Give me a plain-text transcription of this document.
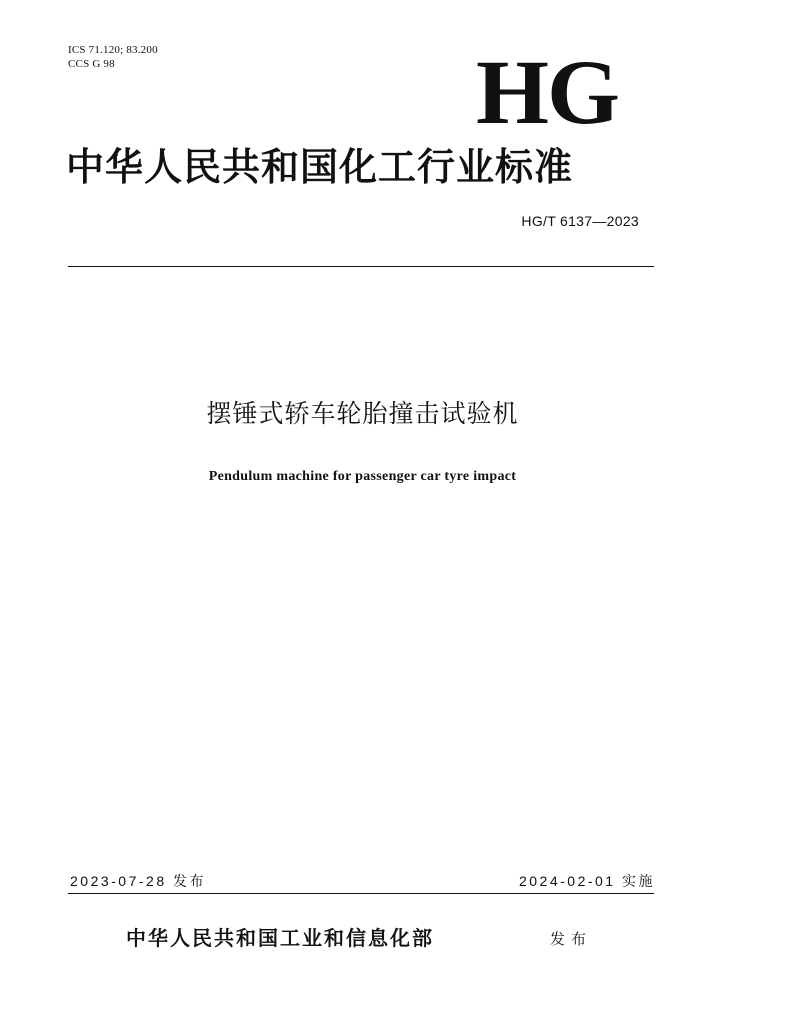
ICS 71.120; 83.200
CCS G 98	HG
中华人民共和国化工行业标准
HG/T 6137—2023
摆锤式轿车轮胎撞击试验机
Pendulum machine for passenger car tyre impact
2023-07-28 发布	2024-02-01 实施
中华人民共和国工业和信息化部	发布
